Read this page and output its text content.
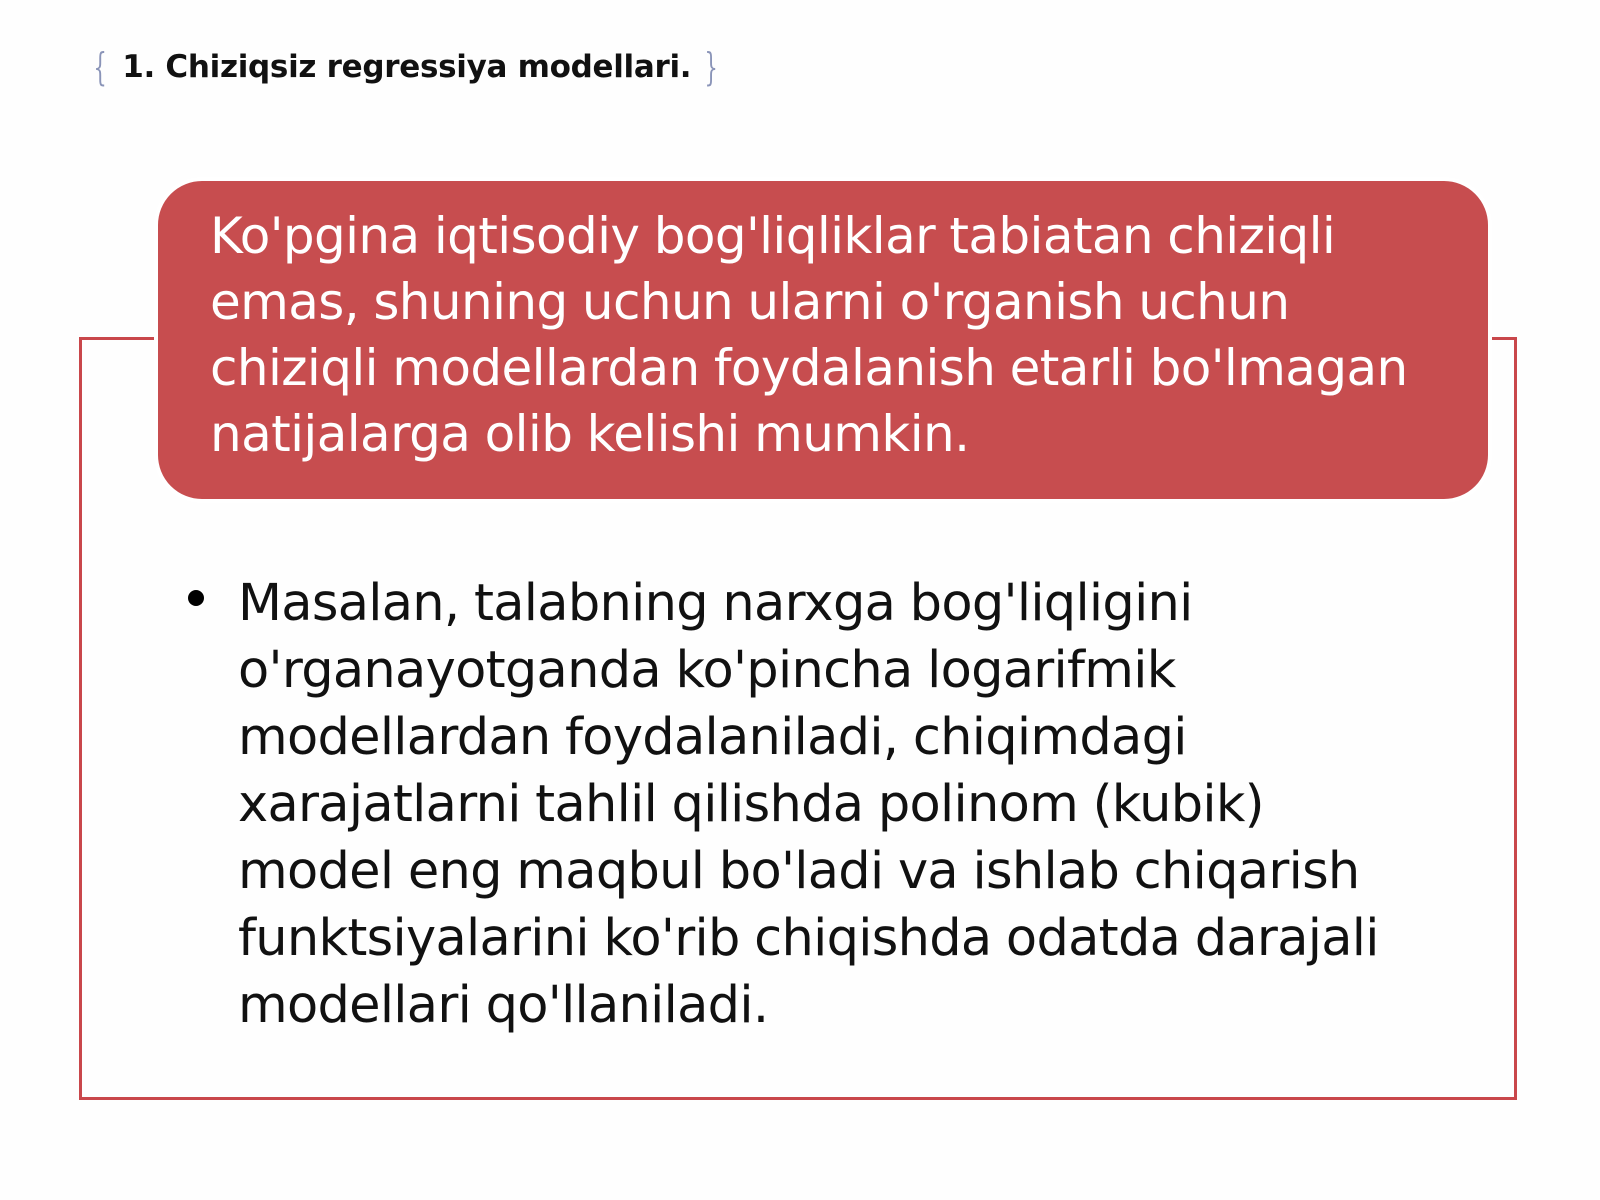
{ 1. Chiziqsiz regressiya modellari. }
Ko'pgina iqtisodiy bog'liqliklar tabiatan chiziqli emas, shuning uchun ularni o'rganish uchun chiziqli modellardan foydalanish etarli bo'lmagan natijalarga olib kelishi mumkin.
Masalan, talabning narxga bog'liqligini o'rganayotganda ko'pincha logarifmik modellardan foydalaniladi, chiqimdagi xarajatlarni tahlil qilishda polinom (kubik) model eng maqbul bo'ladi va ishlab chiqarish funktsiyalarini ko'rib chiqishda odatda darajali modellari qo'llaniladi.
